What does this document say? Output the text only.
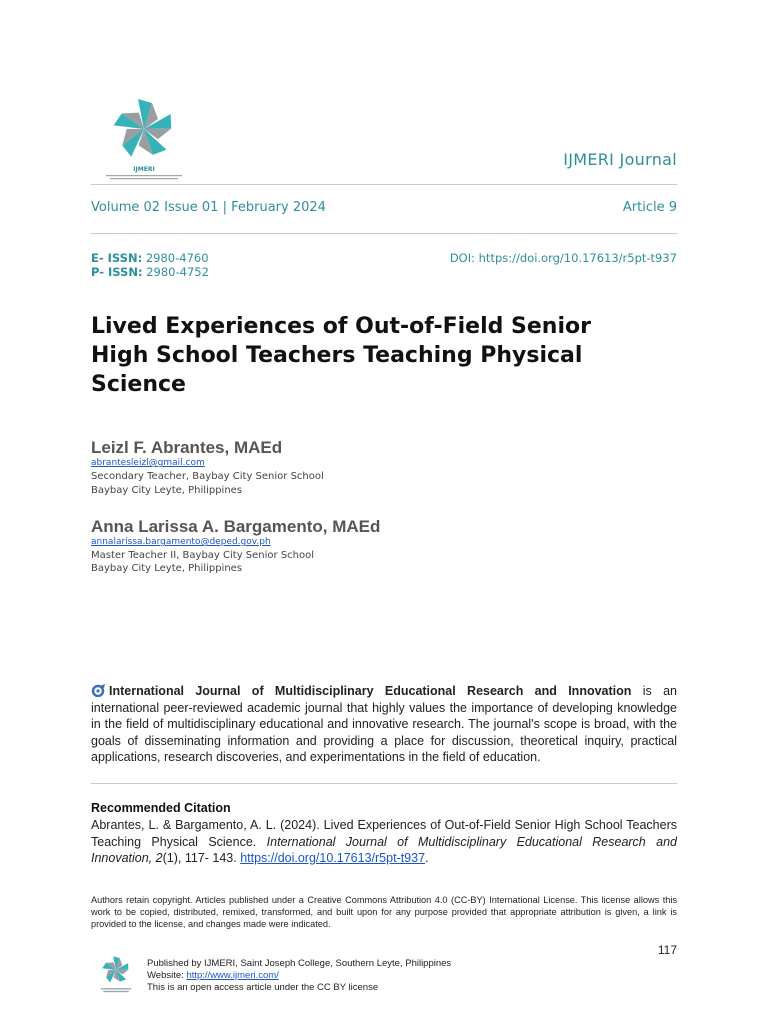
IJMERI
IJMERI Journal
Volume 02 Issue 01 | February 2024	Article 9
E- ISSN: 2980-4760
P- ISSN: 2980-4752
DOI: https://doi.org/10.17613/r5pt-t937
Lived Experiences of Out-of-Field Senior High School Teachers Teaching Physical Science
Leizl F. Abrantes, MAEd
abrantesleizl@gmail.com
Secondary Teacher, Baybay City Senior School
Baybay City Leyte, Philippines
Anna Larissa A. Bargamento, MAEd
annalarissa.bargamento@deped.gov.ph
Master Teacher II, Baybay City Senior School
Baybay City Leyte, Philippines
International Journal of Multidisciplinary Educational Research and Innovation is an international peer-reviewed academic journal that highly values the importance of developing knowledge in the field of multidisciplinary educational and innovative research. The journal's scope is broad, with the goals of disseminating information and providing a place for discussion, theoretical inquiry, practical applications, research discoveries, and experimentations in the field of education.
Recommended Citation
Abrantes, L. & Bargamento, A. L. (2024). Lived Experiences of Out-of-Field Senior High School Teachers Teaching Physical Science. International Journal of Multidisciplinary Educational Research and Innovation, 2(1), 117- 143. https://doi.org/10.17613/r5pt-t937.
Authors retain copyright. Articles published under a Creative Commons Attribution 4.0 (CC-BY) International License. This license allows this work to be copied, distributed, remixed, transformed, and built upon for any purpose provided that appropriate attribution is given, a link is provided to the license, and changes made were indicated.
117
Published by IJMERI, Saint Joseph College, Southern Leyte, Philippines
Website: http://www.ijmeri.com/
This is an open access article under the CC BY license
